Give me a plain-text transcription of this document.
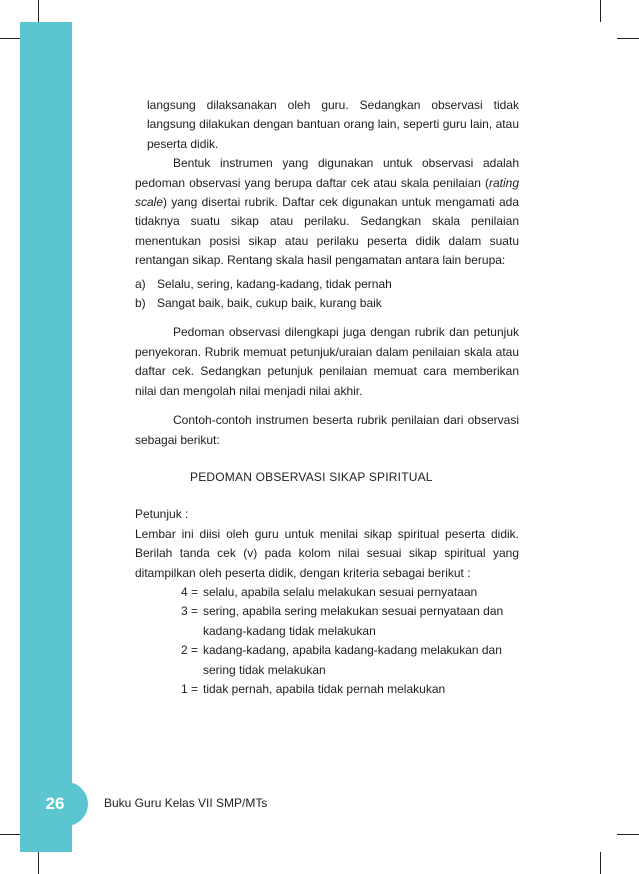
26	Buku Guru Kelas VII SMP/MTs

langsung dilaksanakan oleh guru. Sedangkan observasi tidak langsung dilakukan dengan bantuan orang lain, seperti guru lain, atau peserta didik.

Bentuk instrumen yang digunakan untuk observasi adalah pedoman observasi yang berupa daftar cek atau skala penilaian (rating scale) yang disertai rubrik. Daftar cek digunakan untuk mengamati ada tidaknya suatu sikap atau perilaku. Sedangkan skala penilaian menentukan posisi sikap atau perilaku peserta didik dalam suatu rentangan sikap. Rentang skala hasil pengamatan antara lain berupa:

a) Selalu, sering, kadang-kadang, tidak pernah
b) Sangat baik, baik, cukup baik, kurang baik

Pedoman observasi dilengkapi juga dengan rubrik dan petunjuk penyekoran. Rubrik memuat petunjuk/uraian dalam penilaian skala atau daftar cek. Sedangkan petunjuk penilaian memuat cara memberikan nilai dan mengolah nilai menjadi nilai akhir.

Contoh-contoh instrumen beserta rubrik penilaian dari observasi sebagai berikut:

PEDOMAN OBSERVASI SIKAP SPIRITUAL

Petunjuk :

Lembar ini diisi oleh guru untuk menilai sikap spiritual peserta didik. Berilah tanda cek (v) pada kolom nilai sesuai sikap spiritual yang ditampilkan oleh peserta didik, dengan kriteria sebagai berikut :

4 = selalu, apabila selalu melakukan sesuai pernyataan
3 = sering, apabila sering melakukan sesuai pernyataan dan kadang-kadang tidak melakukan
2 = kadang-kadang, apabila kadang-kadang melakukan dan sering tidak melakukan
1 = tidak pernah, apabila tidak pernah melakukan
